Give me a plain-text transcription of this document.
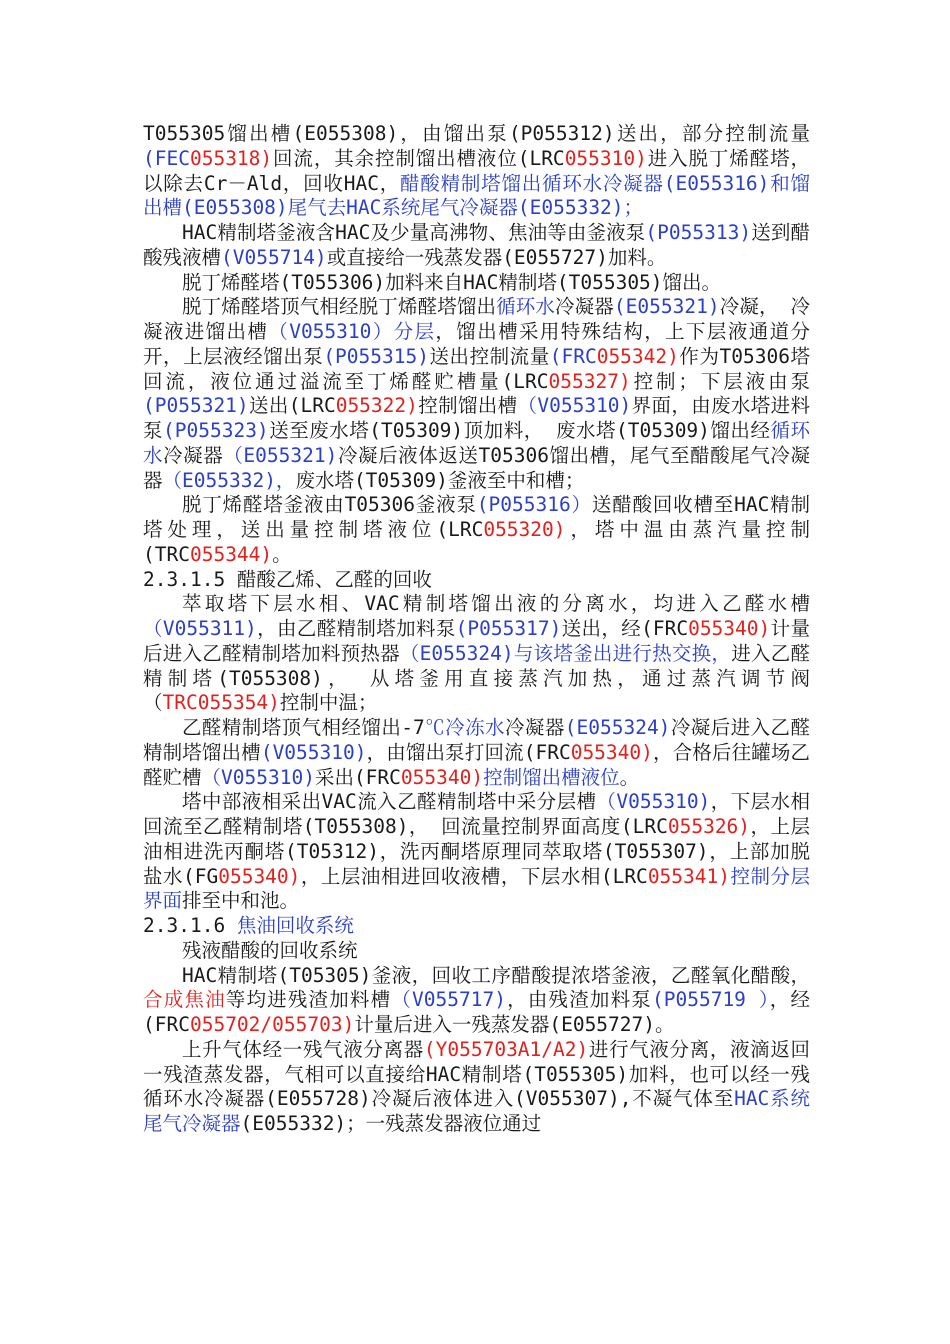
T055305馏出槽(E055308)，由馏出泵(P055312)送出，部分控制流量(FEC055318)回流，其余控制馏出槽液位(LRC055310)进入脱丁烯醛塔，以除去Cr－Ald，回收HAC，醋酸精制塔馏出循环水冷凝器(E055316)和馏出槽(E055308)尾气去HAC系统尾气冷凝器(E055332)；

HAC精制塔釜液含HAC及少量高沸物、焦油等由釜液泵(P055313)送到醋酸残液槽(V055714)或直接给一残蒸发器(E055727)加料。

脱丁烯醛塔(T055306)加料来自HAC精制塔(T055305)馏出。

脱丁烯醛塔顶气相经脱丁烯醛塔馏出循环水冷凝器(E055321)冷凝， 冷凝液进馏出槽（V055310）分层，馏出槽采用特殊结构，上下层液通道分开，上层液经馏出泵(P055315)送出控制流量(FRC055342)作为T05306塔回流，液位通过溢流至丁烯醛贮槽量(LRC055327)控制；下层液由泵(P055321)送出(LRC055322)控制馏出槽（V055310)界面，由废水塔进料泵(P055323)送至废水塔(T05309)顶加料， 废水塔(T05309)馏出经循环水冷凝器（E055321)冷凝后液体返送T05306馏出槽，尾气至醋酸尾气冷凝器（E055332)，废水塔(T05309)釜液至中和槽；

脱丁烯醛塔釜液由T05306釜液泵(P055316）送醋酸回收槽至HAC精制塔处理，送出量控制塔液位(LRC055320)，塔中温由蒸汽量控制(TRC055344)。

2.3.1.5 醋酸乙烯、乙醛的回收

萃取塔下层水相、VAC精制塔馏出液的分离水，均进入乙醛水槽（V055311)，由乙醛精制塔加料泵(P055317)送出，经(FRC055340)计量后进入乙醛精制塔加料预热器（E055324)与该塔釜出进行热交换，进入乙醛精制塔(T055308)， 从塔釜用直接蒸汽加热，通过蒸汽调节阀（TRC055354)控制中温；

乙醛精制塔顶气相经馏出-7℃冷冻水冷凝器(E055324)冷凝后进入乙醛精制塔馏出槽(V055310)，由馏出泵打回流(FRC055340)，合格后往罐场乙醛贮槽（V055310)采出(FRC055340)控制馏出槽液位。

塔中部液相采出VAC流入乙醛精制塔中采分层槽（V055310)，下层水相回流至乙醛精制塔(T055308)， 回流量控制界面高度(LRC055326)，上层油相进洗丙酮塔(T05312)，洗丙酮塔原理同萃取塔(T055307)，上部加脱盐水(FG055340)，上层油相进回收液槽，下层水相(LRC055341)控制分层界面排至中和池。

2.3.1.6 焦油回收系统

残液醋酸的回收系统

HAC精制塔(T05305)釜液，回收工序醋酸提浓塔釜液，乙醛氧化醋酸，合成焦油等均进残渣加料槽（V055717)，由残渣加料泵(P055719 ），经(FRC055702/055703)计量后进入一残蒸发器(E055727)。

上升气体经一残气液分离器(Y055703A1/A2)进行气液分离，液滴返回一残渣蒸发器，气相可以直接给HAC精制塔(T055305)加料，也可以经一残循环水冷凝器(E055728)冷凝后液体进入(V055307),不凝气体至HAC系统尾气冷凝器(E055332)；一残蒸发器液位通过
